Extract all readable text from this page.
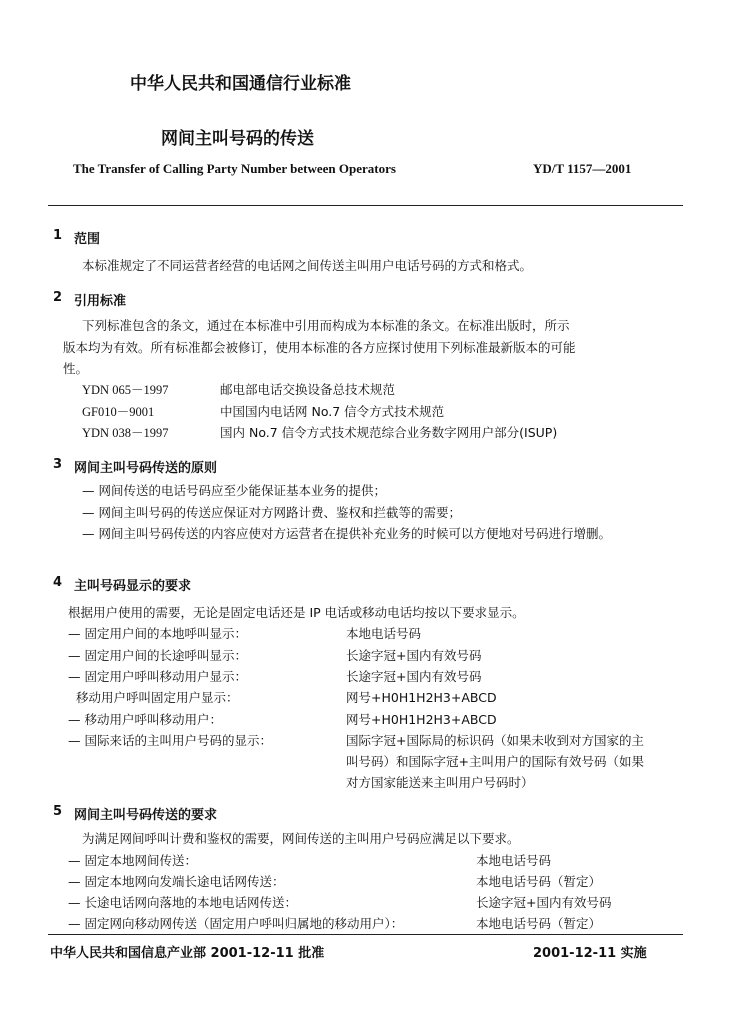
中华人民共和国通信行业标准
网间主叫号码的传送
The Transfer of Calling Party Number between Operators	YD/T 1157—2001
1 范围
本标准规定了不同运营者经营的电话网之间传送主叫用户电话号码的方式和格式。
2 引用标准
下列标准包含的条文，通过在本标准中引用而构成为本标准的条文。在标准出版时，所示
版本均为有效。所有标准都会被修订，使用本标准的各方应探讨使用下列标准最新版本的可能
性。
YDN 065－1997	邮电部电话交换设备总技术规范
GF010－9001	中国国内电话网 No.7 信令方式技术规范
YDN 038－1997	国内 No.7 信令方式技术规范综合业务数字网用户部分(ISUP)
3 网间主叫号码传送的原则
— 网间传送的电话号码应至少能保证基本业务的提供；
— 网间主叫号码的传送应保证对方网路计费、鉴权和拦截等的需要；
— 网间主叫号码传送的内容应使对方运营者在提供补充业务的时候可以方便地对号码进行增删。
4 主叫号码显示的要求
根据用户使用的需要，无论是固定电话还是 IP 电话或移动电话均按以下要求显示。
— 固定用户间的本地呼叫显示：	本地电话号码
— 固定用户间的长途呼叫显示：	长途字冠+国内有效号码
— 固定用户呼叫移动用户显示：	长途字冠+国内有效号码
移动用户呼叫固定用户显示：	网号+H0H1H2H3+ABCD
— 移动用户呼叫移动用户：	网号+H0H1H2H3+ABCD
— 国际来话的主叫用户号码的显示：	国际字冠+国际局的标识码（如果未收到对方国家的主
叫号码）和国际字冠+主叫用户的国际有效号码（如果
对方国家能送来主叫用户号码时）
5 网间主叫号码传送的要求
为满足网间呼叫计费和鉴权的需要，网间传送的主叫用户号码应满足以下要求。
— 固定本地网间传送：	本地电话号码
— 固定本地网向发端长途电话网传送：	本地电话号码（暂定）
— 长途电话网向落地的本地电话网传送：	长途字冠+国内有效号码
— 固定网向移动网传送（固定用户呼叫归属地的移动用户）：	本地电话号码（暂定）
中华人民共和国信息产业部 2001-12-11 批准	2001-12-11 实施
